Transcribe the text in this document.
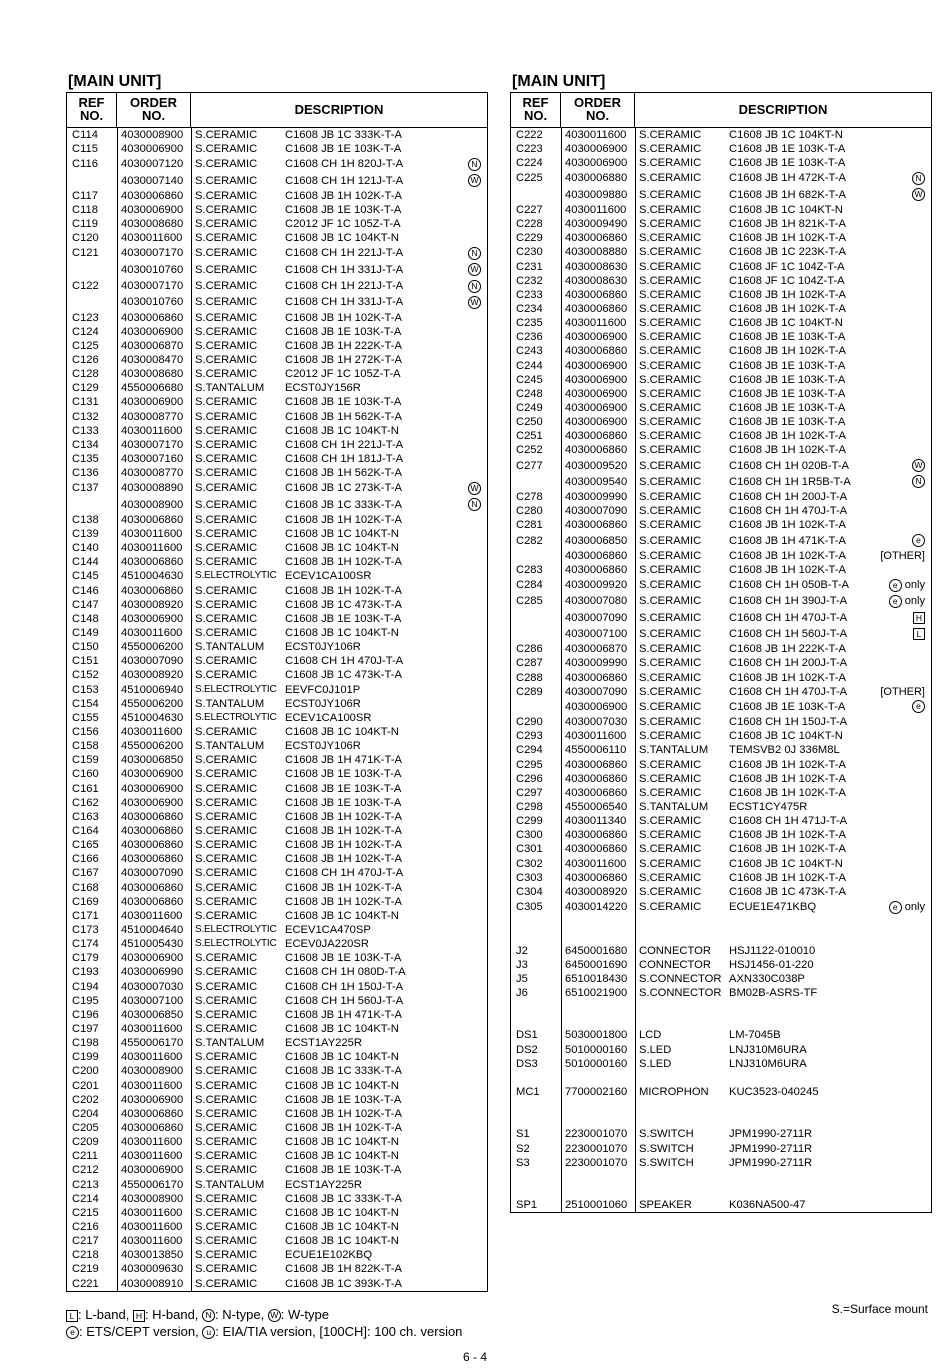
[MAIN UNIT]
REF
NO.
ORDER
NO.	DESCRIPTION
C114	4030008900	S.CERAMIC	C1608 JB 1C 333K-T-A
C115	4030006900	S.CERAMIC	C1608 JB 1E 103K-T-A
C116	4030007120	S.CERAMIC	C1608 CH 1H 820J-T-A	N
4030007140	S.CERAMIC	C1608 CH 1H 121J-T-A	W
C117	4030006860	S.CERAMIC	C1608 JB 1H 102K-T-A
C118	4030006900	S.CERAMIC	C1608 JB 1E 103K-T-A
C119	4030008680	S.CERAMIC	C2012 JF 1C 105Z-T-A
C120	4030011600	S.CERAMIC	C1608 JB 1C 104KT-N
C121	4030007170	S.CERAMIC	C1608 CH 1H 221J-T-A	N
4030010760	S.CERAMIC	C1608 CH 1H 331J-T-A	W
C122	4030007170	S.CERAMIC	C1608 CH 1H 221J-T-A	N
4030010760	S.CERAMIC	C1608 CH 1H 331J-T-A	W
C123	4030006860	S.CERAMIC	C1608 JB 1H 102K-T-A
C124	4030006900	S.CERAMIC	C1608 JB 1E 103K-T-A
C125	4030006870	S.CERAMIC	C1608 JB 1H 222K-T-A
C126	4030008470	S.CERAMIC	C1608 JB 1H 272K-T-A
C128	4030008680	S.CERAMIC	C2012 JF 1C 105Z-T-A
C129	4550006680	S.TANTALUM	ECST0JY156R
C131	4030006900	S.CERAMIC	C1608 JB 1E 103K-T-A
C132	4030008770	S.CERAMIC	C1608 JB 1H 562K-T-A
C133	4030011600	S.CERAMIC	C1608 JB 1C 104KT-N
C134	4030007170	S.CERAMIC	C1608 CH 1H 221J-T-A
C135	4030007160	S.CERAMIC	C1608 CH 1H 181J-T-A
C136	4030008770	S.CERAMIC	C1608 JB 1H 562K-T-A
C137	4030008890	S.CERAMIC	C1608 JB 1C 273K-T-A	W
4030008900	S.CERAMIC	C1608 JB 1C 333K-T-A	N
C138	4030006860	S.CERAMIC	C1608 JB 1H 102K-T-A
C139	4030011600	S.CERAMIC	C1608 JB 1C 104KT-N
C140	4030011600	S.CERAMIC	C1608 JB 1C 104KT-N
C144	4030006860	S.CERAMIC	C1608 JB 1H 102K-T-A
C145	4510004630	S.ELECTROLYTIC ECEV1CA100SR
C146	4030006860	S.CERAMIC	C1608 JB 1H 102K-T-A
C147	4030008920	S.CERAMIC	C1608 JB 1C 473K-T-A
C148	4030006900	S.CERAMIC	C1608 JB 1E 103K-T-A
C149	4030011600	S.CERAMIC	C1608 JB 1C 104KT-N
C150	4550006200	S.TANTALUM	ECST0JY106R
C151	4030007090	S.CERAMIC	C1608 CH 1H 470J-T-A
C152	4030008920	S.CERAMIC	C1608 JB 1C 473K-T-A
C153	4510006940	S.ELECTROLYTIC EEVFC0J101P
C154	4550006200	S.TANTALUM	ECST0JY106R
C155	4510004630	S.ELECTROLYTIC ECEV1CA100SR
C156	4030011600	S.CERAMIC	C1608 JB 1C 104KT-N
C158	4550006200	S.TANTALUM	ECST0JY106R
C159	4030006850	S.CERAMIC	C1608 JB 1H 471K-T-A
C160	4030006900	S.CERAMIC	C1608 JB 1E 103K-T-A
C161	4030006900	S.CERAMIC	C1608 JB 1E 103K-T-A
C162	4030006900	S.CERAMIC	C1608 JB 1E 103K-T-A
C163	4030006860	S.CERAMIC	C1608 JB 1H 102K-T-A
C164	4030006860	S.CERAMIC	C1608 JB 1H 102K-T-A
C165	4030006860	S.CERAMIC	C1608 JB 1H 102K-T-A
C166	4030006860	S.CERAMIC	C1608 JB 1H 102K-T-A
C167	4030007090	S.CERAMIC	C1608 CH 1H 470J-T-A
C168	4030006860	S.CERAMIC	C1608 JB 1H 102K-T-A
C169	4030006860	S.CERAMIC	C1608 JB 1H 102K-T-A
C171	4030011600	S.CERAMIC	C1608 JB 1C 104KT-N
C173	4510004640	S.ELECTROLYTIC ECEV1CA470SP
C174	4510005430	S.ELECTROLYTIC ECEV0JA220SR
C179	4030006900	S.CERAMIC	C1608 JB 1E 103K-T-A
C193	4030006990	S.CERAMIC	C1608 CH 1H 080D-T-A
C194	4030007030	S.CERAMIC	C1608 CH 1H 150J-T-A
C195	4030007100	S.CERAMIC	C1608 CH 1H 560J-T-A
C196	4030006850	S.CERAMIC	C1608 JB 1H 471K-T-A
C197	4030011600	S.CERAMIC	C1608 JB 1C 104KT-N
C198	4550006170	S.TANTALUM	ECST1AY225R
C199	4030011600	S.CERAMIC	C1608 JB 1C 104KT-N
C200	4030008900	S.CERAMIC	C1608 JB 1C 333K-T-A
C201	4030011600	S.CERAMIC	C1608 JB 1C 104KT-N
C202	4030006900	S.CERAMIC	C1608 JB 1E 103K-T-A
C204	4030006860	S.CERAMIC	C1608 JB 1H 102K-T-A
C205	4030006860	S.CERAMIC	C1608 JB 1H 102K-T-A
C209	4030011600	S.CERAMIC	C1608 JB 1C 104KT-N
C211	4030011600	S.CERAMIC	C1608 JB 1C 104KT-N
C212	4030006900	S.CERAMIC	C1608 JB 1E 103K-T-A
C213	4550006170	S.TANTALUM	ECST1AY225R
C214	4030008900	S.CERAMIC	C1608 JB 1C 333K-T-A
C215	4030011600	S.CERAMIC	C1608 JB 1C 104KT-N
C216	4030011600	S.CERAMIC	C1608 JB 1C 104KT-N
C217	4030011600	S.CERAMIC	C1608 JB 1C 104KT-N
C218	4030013850	S.CERAMIC	ECUE1E102KBQ
C219	4030009630	S.CERAMIC	C1608 JB 1H 822K-T-A
C221	4030008910	S.CERAMIC	C1608 JB 1C 393K-T-A
[MAIN UNIT]
REF
NO.
ORDER
NO.	DESCRIPTION
C222	4030011600	S.CERAMIC	C1608 JB 1C 104KT-N
C223	4030006900	S.CERAMIC	C1608 JB 1E 103K-T-A
C224	4030006900	S.CERAMIC	C1608 JB 1E 103K-T-A
C225	4030006880	S.CERAMIC	C1608 JB 1H 472K-T-A	N
4030009880	S.CERAMIC	C1608 JB 1H 682K-T-A	W
C227	4030011600	S.CERAMIC	C1608 JB 1C 104KT-N
C228	4030009490	S.CERAMIC	C1608 JB 1H 821K-T-A
C229	4030006860	S.CERAMIC	C1608 JB 1H 102K-T-A
C230	4030008880	S.CERAMIC	C1608 JB 1C 223K-T-A
C231	4030008630	S.CERAMIC	C1608 JF 1C 104Z-T-A
C232	4030008630	S.CERAMIC	C1608 JF 1C 104Z-T-A
C233	4030006860	S.CERAMIC	C1608 JB 1H 102K-T-A
C234	4030006860	S.CERAMIC	C1608 JB 1H 102K-T-A
C235	4030011600	S.CERAMIC	C1608 JB 1C 104KT-N
C236	4030006900	S.CERAMIC	C1608 JB 1E 103K-T-A
C243	4030006860	S.CERAMIC	C1608 JB 1H 102K-T-A
C244	4030006900	S.CERAMIC	C1608 JB 1E 103K-T-A
C245	4030006900	S.CERAMIC	C1608 JB 1E 103K-T-A
C248	4030006900	S.CERAMIC	C1608 JB 1E 103K-T-A
C249	4030006900	S.CERAMIC	C1608 JB 1E 103K-T-A
C250	4030006900	S.CERAMIC	C1608 JB 1E 103K-T-A
C251	4030006860	S.CERAMIC	C1608 JB 1H 102K-T-A
C252	4030006860	S.CERAMIC	C1608 JB 1H 102K-T-A
C277	4030009520	S.CERAMIC	C1608 CH 1H 020B-T-A	W
4030009540	S.CERAMIC	C1608 CH 1H 1R5B-T-A	N
C278	4030009990	S.CERAMIC	C1608 CH 1H 200J-T-A
C280	4030007090	S.CERAMIC	C1608 CH 1H 470J-T-A
C281	4030006860	S.CERAMIC	C1608 JB 1H 102K-T-A
C282	4030006850	S.CERAMIC	C1608 JB 1H 471K-T-A	e
4030006860	S.CERAMIC	C1608 JB 1H 102K-T-A	[OTHER]
C283	4030006860	S.CERAMIC	C1608 JB 1H 102K-T-A
C284	4030009920	S.CERAMIC	C1608 CH 1H 050B-T-A	e only
C285	4030007080	S.CERAMIC	C1608 CH 1H 390J-T-A	e only
4030007090	S.CERAMIC	C1608 CH 1H 470J-T-A	H
4030007100	S.CERAMIC	C1608 CH 1H 560J-T-A	L
C286	4030006870	S.CERAMIC	C1608 JB 1H 222K-T-A
C287	4030009990	S.CERAMIC	C1608 CH 1H 200J-T-A
C288	4030006860	S.CERAMIC	C1608 JB 1H 102K-T-A
C289	4030007090	S.CERAMIC	C1608 CH 1H 470J-T-A	[OTHER]
4030006900	S.CERAMIC	C1608 JB 1E 103K-T-A	e
C290	4030007030	S.CERAMIC	C1608 CH 1H 150J-T-A
C293	4030011600	S.CERAMIC	C1608 JB 1C 104KT-N
C294	4550006110	S.TANTALUM	TEMSVB2 0J 336M8L
C295	4030006860	S.CERAMIC	C1608 JB 1H 102K-T-A
C296	4030006860	S.CERAMIC	C1608 JB 1H 102K-T-A
C297	4030006860	S.CERAMIC	C1608 JB 1H 102K-T-A
C298	4550006540	S.TANTALUM	ECST1CY475R
C299	4030011340	S.CERAMIC	C1608 CH 1H 471J-T-A
C300	4030006860	S.CERAMIC	C1608 JB 1H 102K-T-A
C301	4030006860	S.CERAMIC	C1608 JB 1H 102K-T-A
C302	4030011600	S.CERAMIC	C1608 JB 1C 104KT-N
C303	4030006860	S.CERAMIC	C1608 JB 1H 102K-T-A
C304	4030008920	S.CERAMIC	C1608 JB 1C 473K-T-A
C305	4030014220	S.CERAMIC	ECUE1E471KBQ	e only
J2	6450001680	CONNECTOR	HSJ1122-010010
J3	6450001690	CONNECTOR	HSJ1456-01-220
J5	6510018430	S.CONNECTOR AXN330C038P
J6	6510021900	S.CONNECTOR BM02B-ASRS-TF
DS1	5030001800	LCD	LM-7045B
DS2	5010000160	S.LED	LNJ310M6URA
DS3	5010000160	S.LED	LNJ310M6URA
MC1	7700002160	MICROPHON	KUC3523-040245
S1	2230001070	S.SWITCH	JPM1990-2711R
S2	2230001070	S.SWITCH	JPM1990-2711R
S3	2230001070	S.SWITCH	JPM1990-2711R
SP1	2510001060	SPEAKER	K036NA500-47
L : L-band, H : H-band, N : N-type, W : W-type
e : ETS/CEPT version, u : EIA/TIA version, [100CH]: 100 ch. version
S.=Surface mount
6 - 4
